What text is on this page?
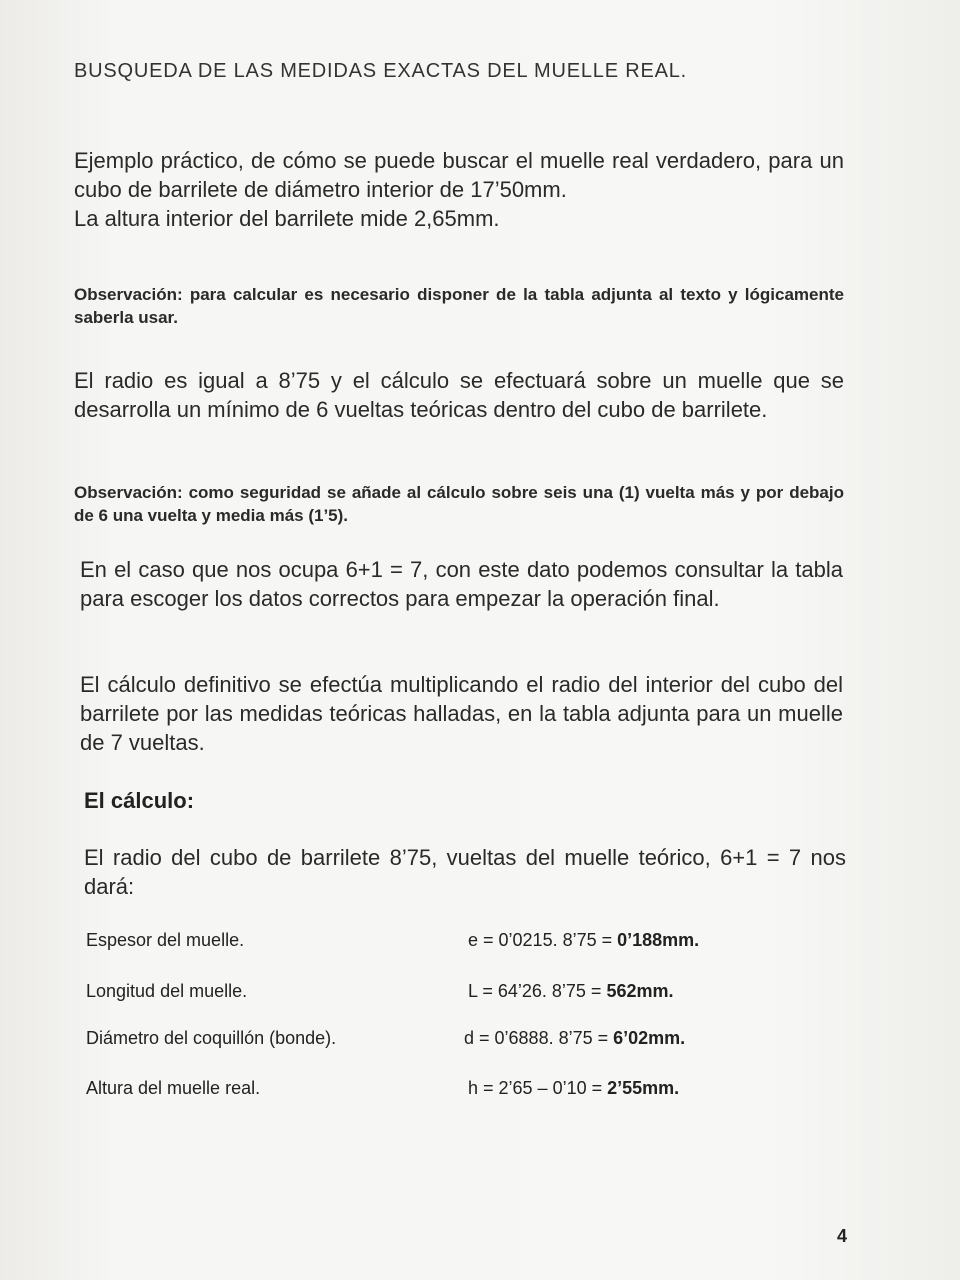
BUSQUEDA DE LAS MEDIDAS EXACTAS DEL MUELLE REAL.
Ejemplo práctico, de cómo se puede buscar el muelle real verdadero, para un cubo de barrilete de diámetro interior de 17’50mm.
La altura interior del barrilete mide 2,65mm.
Observación: para calcular es necesario disponer de la tabla adjunta al texto y lógicamente saberla usar.
El radio es igual a 8’75 y el cálculo se efectuará sobre un muelle que se desarrolla un mínimo de 6 vueltas teóricas dentro del cubo de barrilete.
Observación: como seguridad se añade al cálculo sobre seis una (1) vuelta más y por debajo de 6 una vuelta y media más (1’5).
En el caso que nos ocupa 6+1 = 7, con este dato podemos consultar la tabla para escoger los datos correctos para empezar la operación final.
El cálculo definitivo se efectúa multiplicando el radio del interior del cubo del barrilete por las medidas teóricas halladas, en la tabla adjunta para un muelle de 7 vueltas.
El cálculo:
El radio del cubo de barrilete 8’75, vueltas del muelle teórico, 6+1 = 7 nos dará:
Espesor del muelle.	e = 0’0215. 8’75 = 0’188mm.
Longitud del muelle.	L = 64’26. 8’75 = 562mm.
Diámetro del coquillón (bonde).	d = 0’6888. 8’75 = 6’02mm.
Altura del muelle real.	h = 2’65 – 0’10 = 2’55mm.
4
